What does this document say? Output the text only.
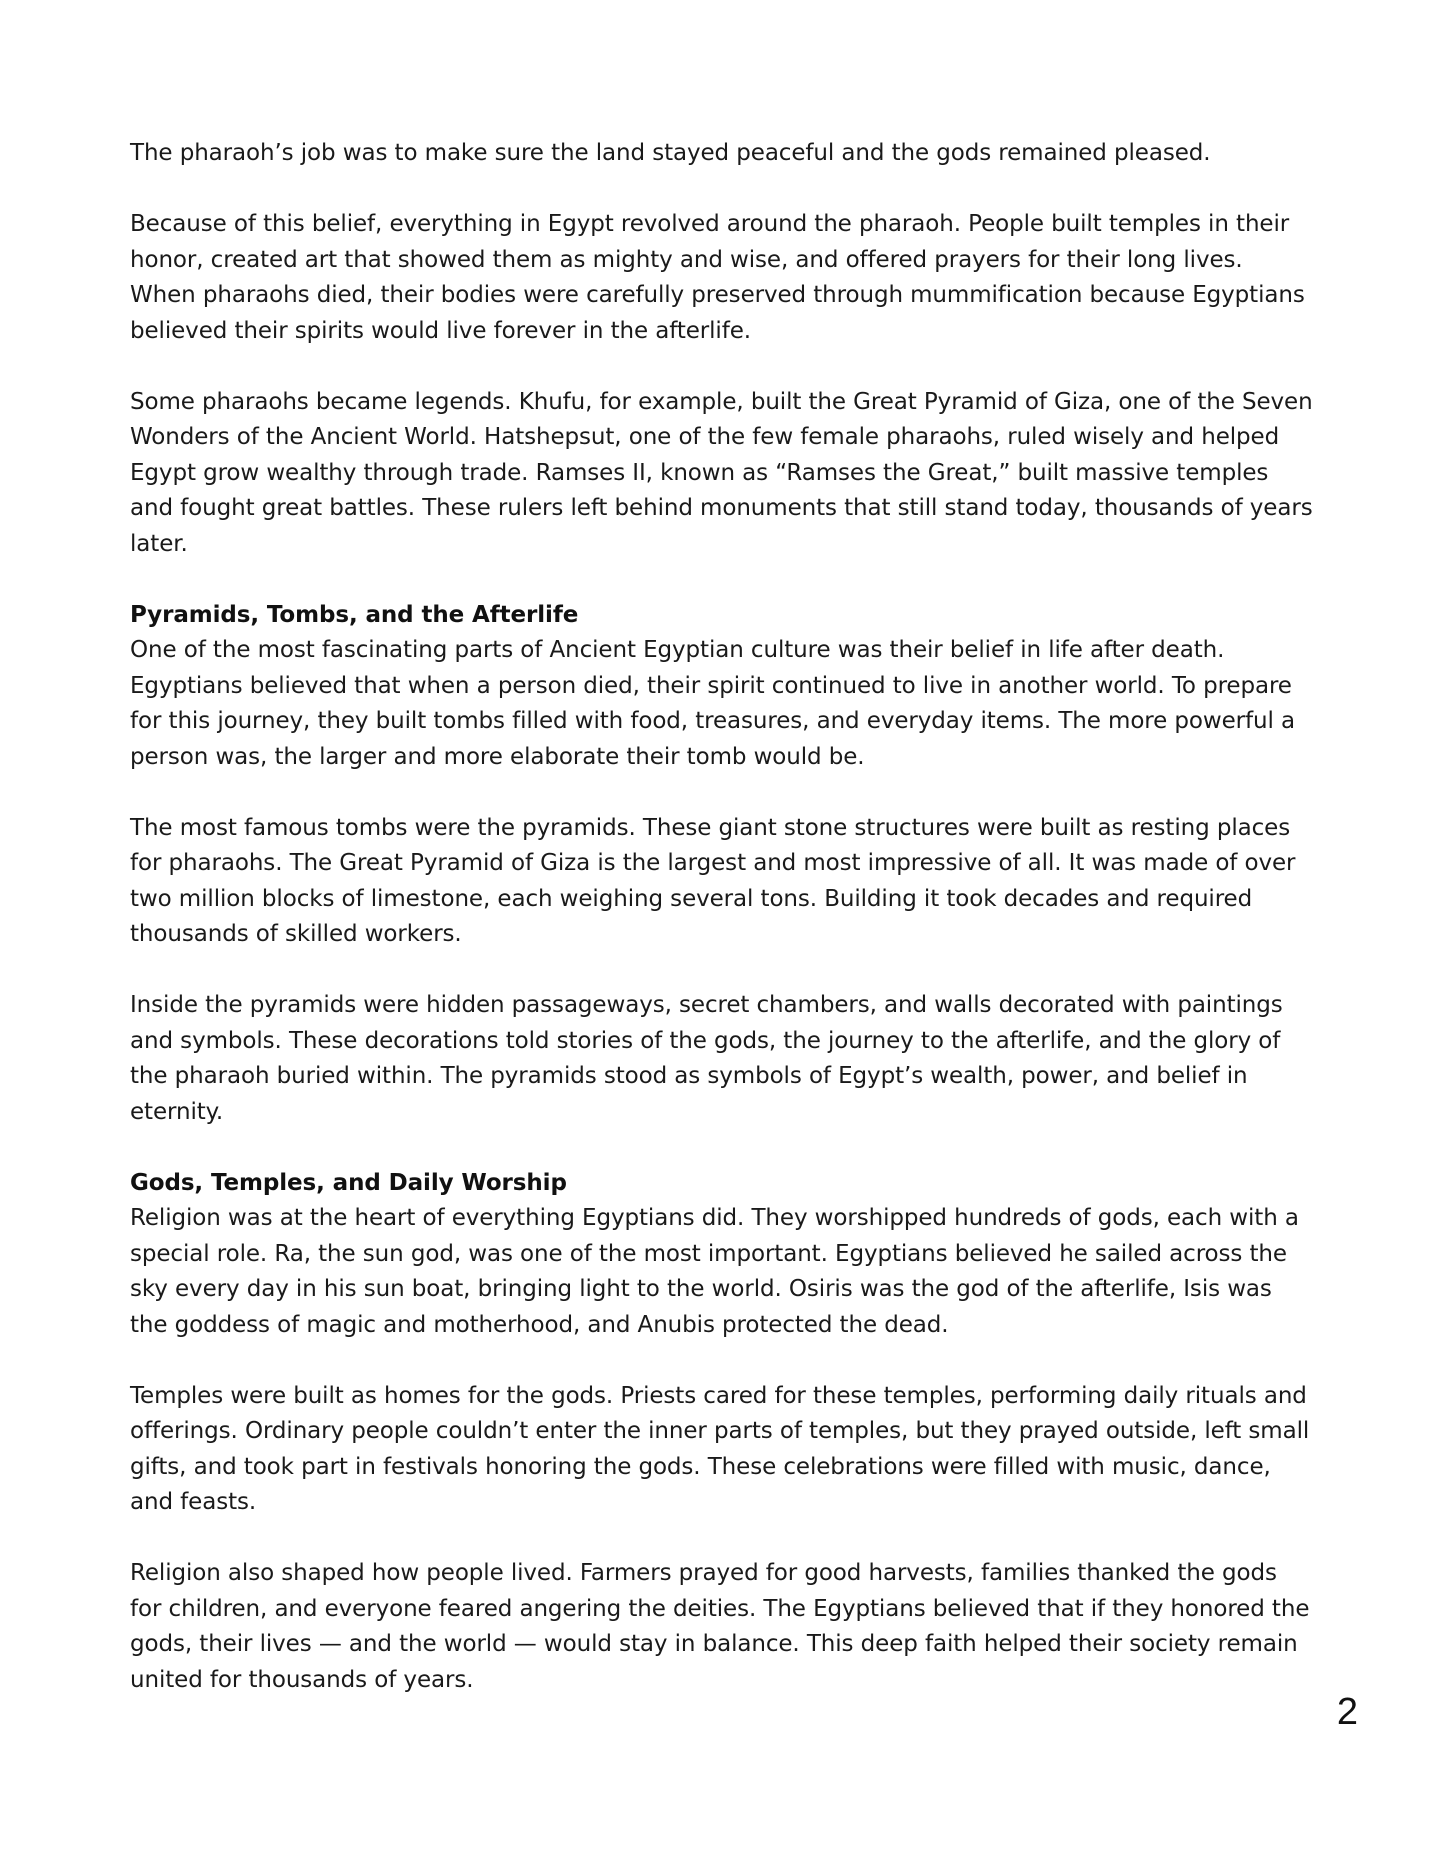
The pharaoh’s job was to make sure the land stayed peaceful and the gods remained pleased.

Because of this belief, everything in Egypt revolved around the pharaoh. People built temples in their honor, created art that showed them as mighty and wise, and offered prayers for their long lives. When pharaohs died, their bodies were carefully preserved through mummification because Egyptians believed their spirits would live forever in the afterlife.

Some pharaohs became legends. Khufu, for example, built the Great Pyramid of Giza, one of the Seven Wonders of the Ancient World. Hatshepsut, one of the few female pharaohs, ruled wisely and helped Egypt grow wealthy through trade. Ramses II, known as “Ramses the Great,” built massive temples and fought great battles. These rulers left behind monuments that still stand today, thousands of years later.

Pyramids, Tombs, and the Afterlife

One of the most fascinating parts of Ancient Egyptian culture was their belief in life after death. Egyptians believed that when a person died, their spirit continued to live in another world. To prepare for this journey, they built tombs filled with food, treasures, and everyday items. The more powerful a person was, the larger and more elaborate their tomb would be.

The most famous tombs were the pyramids. These giant stone structures were built as resting places for pharaohs. The Great Pyramid of Giza is the largest and most impressive of all. It was made of over two million blocks of limestone, each weighing several tons. Building it took decades and required thousands of skilled workers.

Inside the pyramids were hidden passageways, secret chambers, and walls decorated with paintings and symbols. These decorations told stories of the gods, the journey to the afterlife, and the glory of the pharaoh buried within. The pyramids stood as symbols of Egypt’s wealth, power, and belief in eternity.

Gods, Temples, and Daily Worship

Religion was at the heart of everything Egyptians did. They worshipped hundreds of gods, each with a special role. Ra, the sun god, was one of the most important. Egyptians believed he sailed across the sky every day in his sun boat, bringing light to the world. Osiris was the god of the afterlife, Isis was the goddess of magic and motherhood, and Anubis protected the dead.

Temples were built as homes for the gods. Priests cared for these temples, performing daily rituals and offerings. Ordinary people couldn’t enter the inner parts of temples, but they prayed outside, left small gifts, and took part in festivals honoring the gods. These celebrations were filled with music, dance, and feasts.

Religion also shaped how people lived. Farmers prayed for good harvests, families thanked the gods for children, and everyone feared angering the deities. The Egyptians believed that if they honored the gods, their lives — and the world — would stay in balance. This deep faith helped their society remain united for thousands of years.

2
